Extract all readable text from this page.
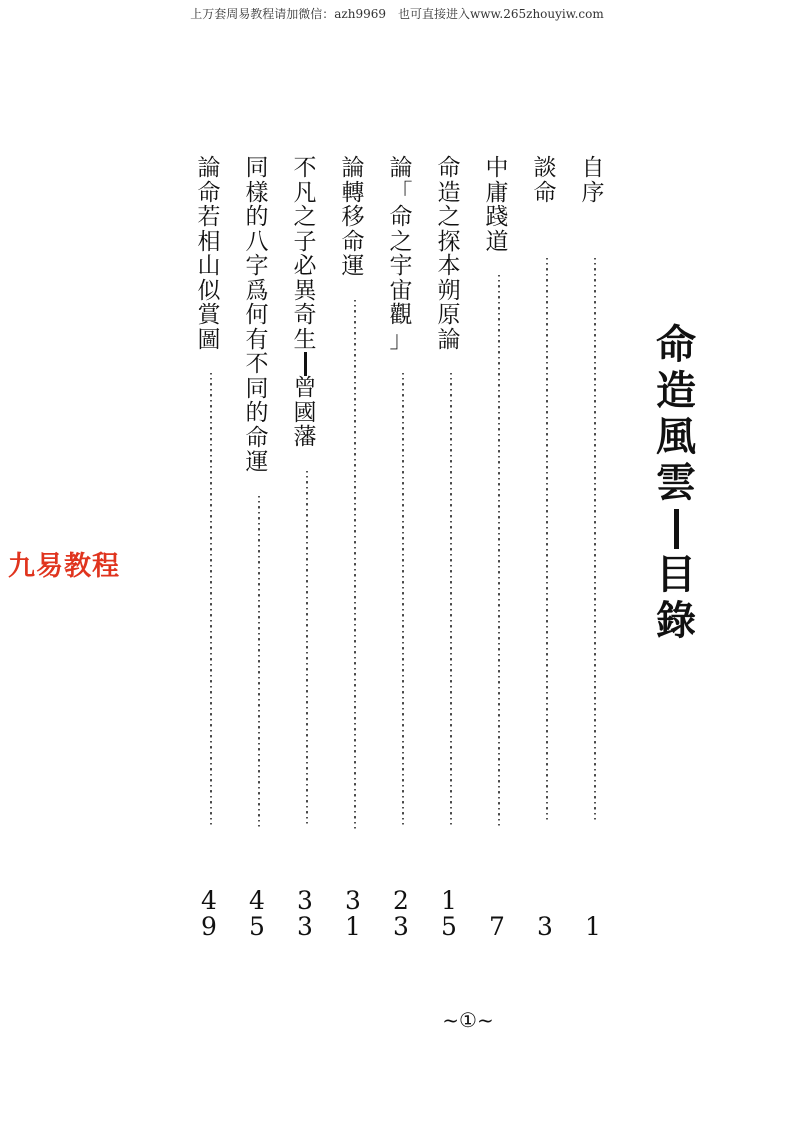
上万套周易教程请加微信：azh9969　也可直接进入www.265zhouyiw.com
命
造
風
雲
目
錄
自
序
⋮
⋮
⋮
⋮
⋮
⋮
⋮
⋮
⋮
⋮
⋮
⋮
⋮
⋮
⋮
⋮
⋮
⋮
⋮
⋮
⋮
⋮
⋮
⋮
⋮
⋮
⋮
⋮
⋮
⋮
⋮
⋮
⋮
⋮
⋮
⋮
⋮
⋮
⋮
⋮
⋮
⋮
⋮
⋮
⋮
⋮
⋮
⋮
⋮
⋮
⋮

1
談
命
⋮
⋮
⋮
⋮
⋮
⋮
⋮
⋮
⋮
⋮
⋮
⋮
⋮
⋮
⋮
⋮
⋮
⋮
⋮
⋮
⋮
⋮
⋮
⋮
⋮
⋮
⋮
⋮
⋮
⋮
⋮
⋮
⋮
⋮
⋮
⋮
⋮
⋮
⋮
⋮
⋮
⋮
⋮
⋮
⋮
⋮
⋮
⋮
⋮
⋮
⋮

3
中
庸
踐
道
⋮
⋮
⋮
⋮
⋮
⋮
⋮
⋮
⋮
⋮
⋮
⋮
⋮
⋮
⋮
⋮
⋮
⋮
⋮
⋮
⋮
⋮
⋮
⋮
⋮
⋮
⋮
⋮
⋮
⋮
⋮
⋮
⋮
⋮
⋮
⋮
⋮
⋮
⋮
⋮
⋮
⋮
⋮
⋮
⋮
⋮
⋮
⋮
⋮
⋮

7
命
造
之
探
本
朔
原
論
⋮
⋮
⋮
⋮
⋮
⋮
⋮
⋮
⋮
⋮
⋮
⋮
⋮
⋮
⋮
⋮
⋮
⋮
⋮
⋮
⋮
⋮
⋮
⋮
⋮
⋮
⋮
⋮
⋮
⋮
⋮
⋮
⋮
⋮
⋮
⋮
⋮
⋮
⋮
⋮
⋮

1
5
論
「
命
之
宇
宙
觀
」
⋮
⋮
⋮
⋮
⋮
⋮
⋮
⋮
⋮
⋮
⋮
⋮
⋮
⋮
⋮
⋮
⋮
⋮
⋮
⋮
⋮
⋮
⋮
⋮
⋮
⋮
⋮
⋮
⋮
⋮
⋮
⋮
⋮
⋮
⋮
⋮
⋮
⋮
⋮
⋮
⋮

2
3
論
轉
移
命
運
⋮
⋮
⋮
⋮
⋮
⋮
⋮
⋮
⋮
⋮
⋮
⋮
⋮
⋮
⋮
⋮
⋮
⋮
⋮
⋮
⋮
⋮
⋮
⋮
⋮
⋮
⋮
⋮
⋮
⋮
⋮
⋮
⋮
⋮
⋮
⋮
⋮
⋮
⋮
⋮
⋮
⋮
⋮
⋮
⋮
⋮
⋮
⋮

3
1
不
凡
之
子
必
異
奇
生
曾
國
藩
⋮
⋮
⋮
⋮
⋮
⋮
⋮
⋮
⋮
⋮
⋮
⋮
⋮
⋮
⋮
⋮
⋮
⋮
⋮
⋮
⋮
⋮
⋮
⋮
⋮
⋮
⋮
⋮
⋮
⋮
⋮
⋮

3
3
同
樣
的
八
字
爲
何
有
不
同
的
命
運
⋮
⋮
⋮
⋮
⋮
⋮
⋮
⋮
⋮
⋮
⋮
⋮
⋮
⋮
⋮
⋮
⋮
⋮
⋮
⋮
⋮
⋮
⋮
⋮
⋮
⋮
⋮
⋮
⋮
⋮

4
5
論
命
若
相
山
似
賞
圖
⋮
⋮
⋮
⋮
⋮
⋮
⋮
⋮
⋮
⋮
⋮
⋮
⋮
⋮
⋮
⋮
⋮
⋮
⋮
⋮
⋮
⋮
⋮
⋮
⋮
⋮
⋮
⋮
⋮
⋮
⋮
⋮
⋮
⋮
⋮
⋮
⋮
⋮
⋮
⋮
⋮

4
9
~①~
九易教程
